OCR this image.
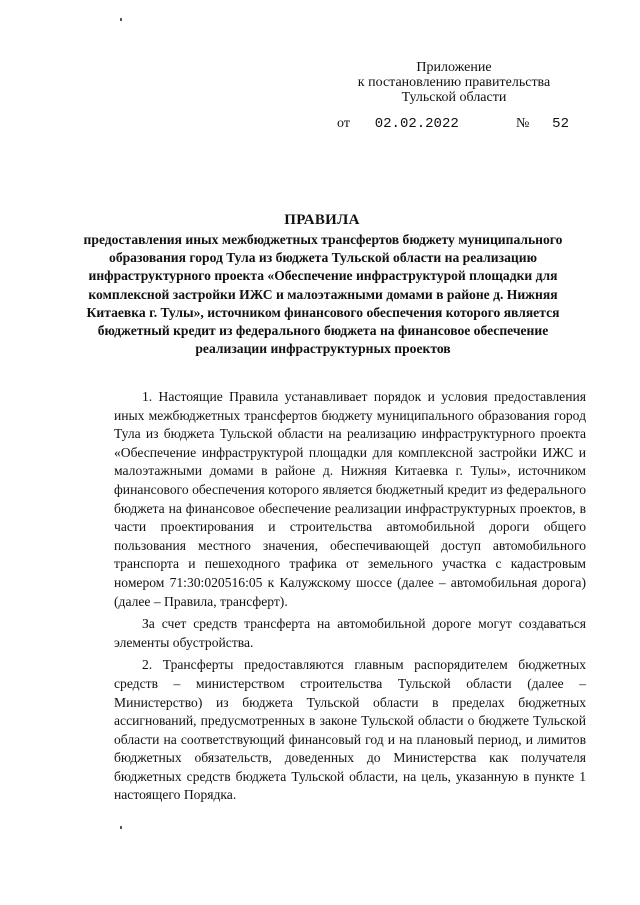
Приложение
к постановлению правительства
Тульской области
от 02.02.2022	№ 52
ПРАВИЛА
предоставления иных межбюджетных трансфертов бюджету муниципального образования город Тула из бюджета Тульской области на реализацию инфраструктурного проекта «Обеспечение инфраструктурой площадки для комплексной застройки ИЖС и малоэтажными домами в районе д. Нижняя Китаевка г. Тулы», источником финансового обеспечения которого является бюджетный кредит из федерального бюджета на финансовое обеспечение реализации инфраструктурных проектов

1. Настоящие Правила устанавливает порядок и условия предоставления иных межбюджетных трансфертов бюджету муниципального образования город Тула из бюджета Тульской области на реализацию инфраструктурного проекта «Обеспечение инфраструктурой площадки для комплексной застройки ИЖС и малоэтажными домами в районе д. Нижняя Китаевка г. Тулы», источником финансового обеспечения которого является бюджетный кредит из федерального бюджета на финансовое обеспечение реализации инфраструктурных проектов, в части проектирования и строительства автомобильной дороги общего пользования местного значения, обеспечивающей доступ автомобильного транспорта и пешеходного трафика от земельного участка с кадастровым номером 71:30:020516:05 к Калужскому шоссе (далее – автомобильная дорога) (далее – Правила, трансферт).

За счет средств трансферта на автомобильной дороге могут создаваться элементы обустройства.

2. Трансферты предоставляются главным распорядителем бюджетных средств – министерством строительства Тульской области (далее – Министерство) из бюджета Тульской области в пределах бюджетных ассигнований, предусмотренных в законе Тульской области о бюджете Тульской области на соответствующий финансовый год и на плановый период, и лимитов бюджетных обязательств, доведенных до Министерства как получателя бюджетных средств бюджета Тульской области, на цель, указанную в пункте 1 настоящего Порядка.
